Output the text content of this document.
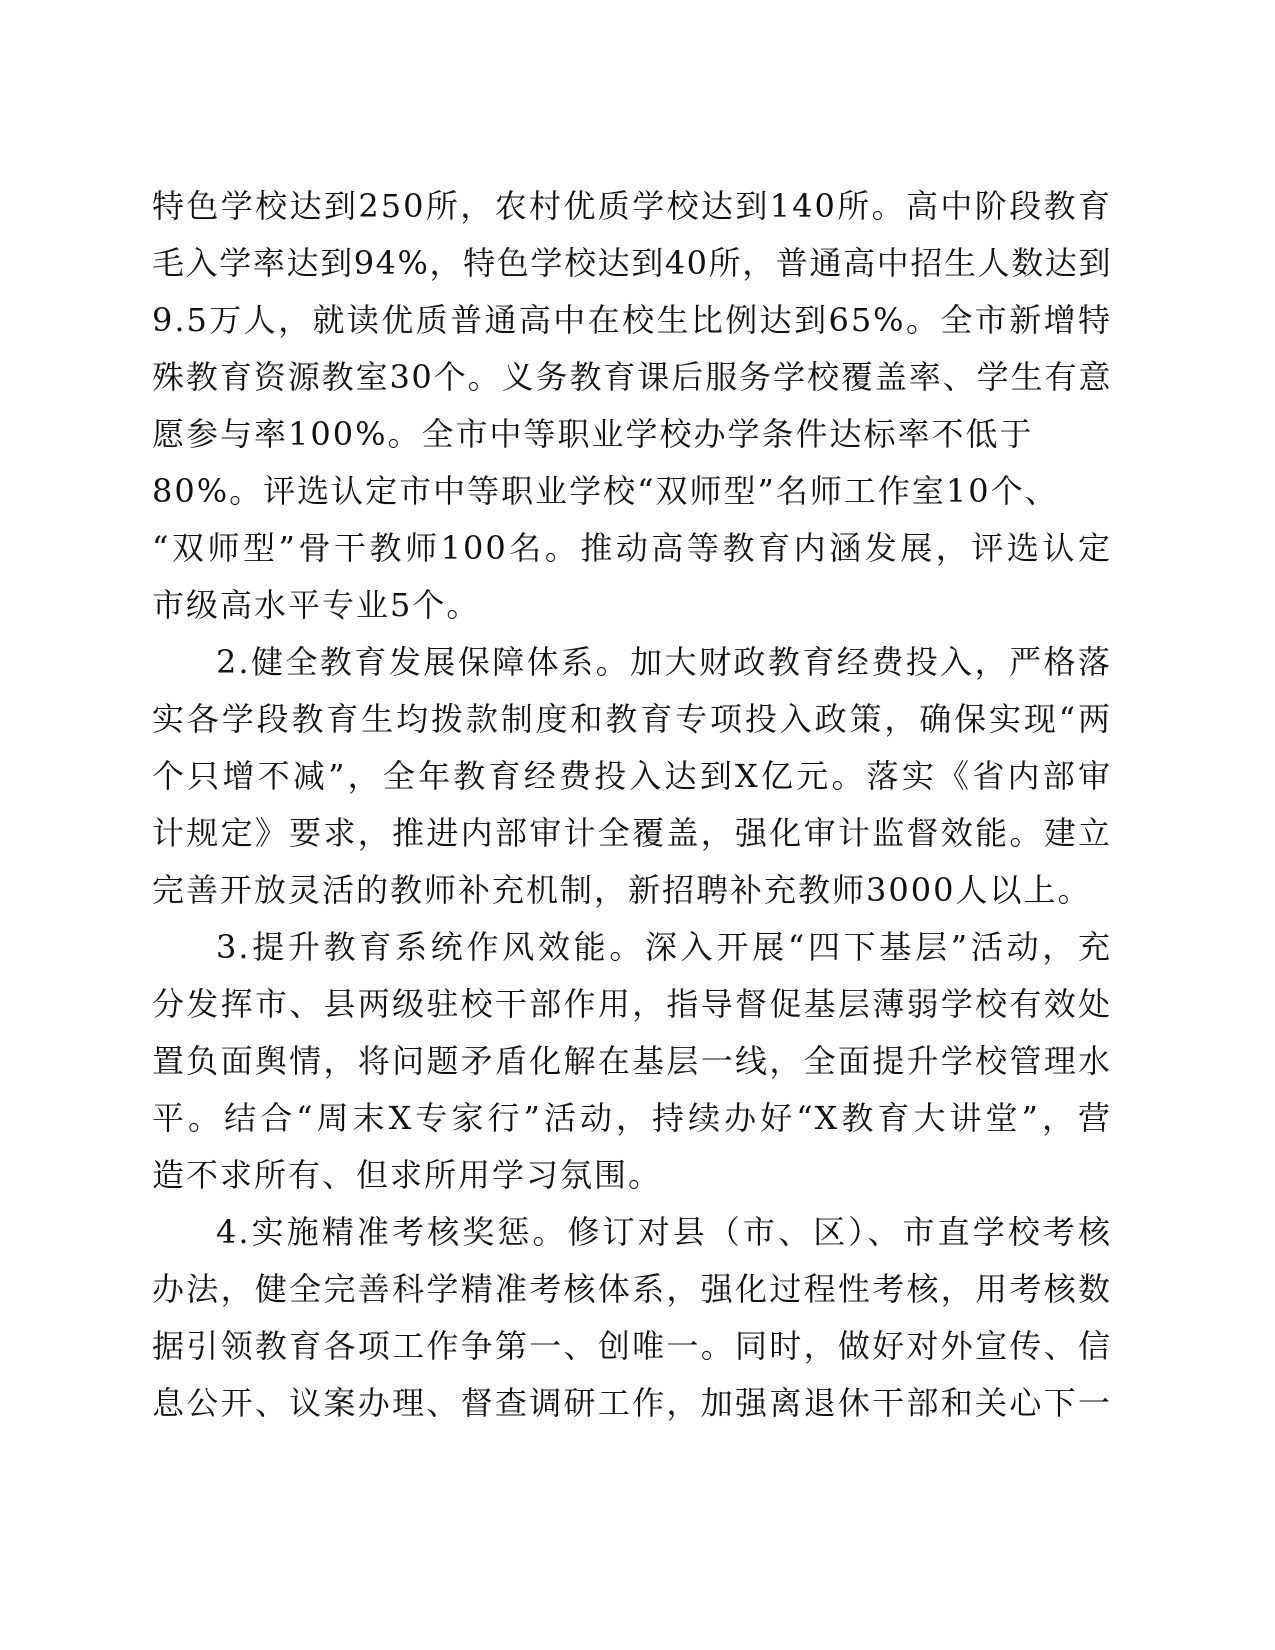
特色学校达到250所，农村优质学校达到140所。高中阶段教育
毛入学率达到94%，特色学校达到40所，普通高中招生人数达到
9.5万人，就读优质普通高中在校生比例达到65%。全市新增特
殊教育资源教室30个。义务教育课后服务学校覆盖率、学生有意
愿参与率100%。全市中等职业学校办学条件达标率不低于
80%。评选认定市中等职业学校“双师型”名师工作室10个、
“双师型”骨干教师100名。推动高等教育内涵发展，评选认定
市级高水平专业5个。
2.健全教育发展保障体系。加大财政教育经费投入，严格落
实各学段教育生均拨款制度和教育专项投入政策，确保实现“两
个只增不减”，全年教育经费投入达到X亿元。落实《省内部审
计规定》要求，推进内部审计全覆盖，强化审计监督效能。建立
完善开放灵活的教师补充机制，新招聘补充教师3000人以上。
3.提升教育系统作风效能。深入开展“四下基层”活动，充
分发挥市、县两级驻校干部作用，指导督促基层薄弱学校有效处
置负面舆情，将问题矛盾化解在基层一线，全面提升学校管理水
平。结合“周末X专家行”活动，持续办好“X教育大讲堂”，营
造不求所有、但求所用学习氛围。
4.实施精准考核奖惩。修订对县（市、区）、市直学校考核
办法，健全完善科学精准考核体系，强化过程性考核，用考核数
据引领教育各项工作争第一、创唯一。同时，做好对外宣传、信
息公开、议案办理、督查调研工作，加强离退休干部和关心下一
